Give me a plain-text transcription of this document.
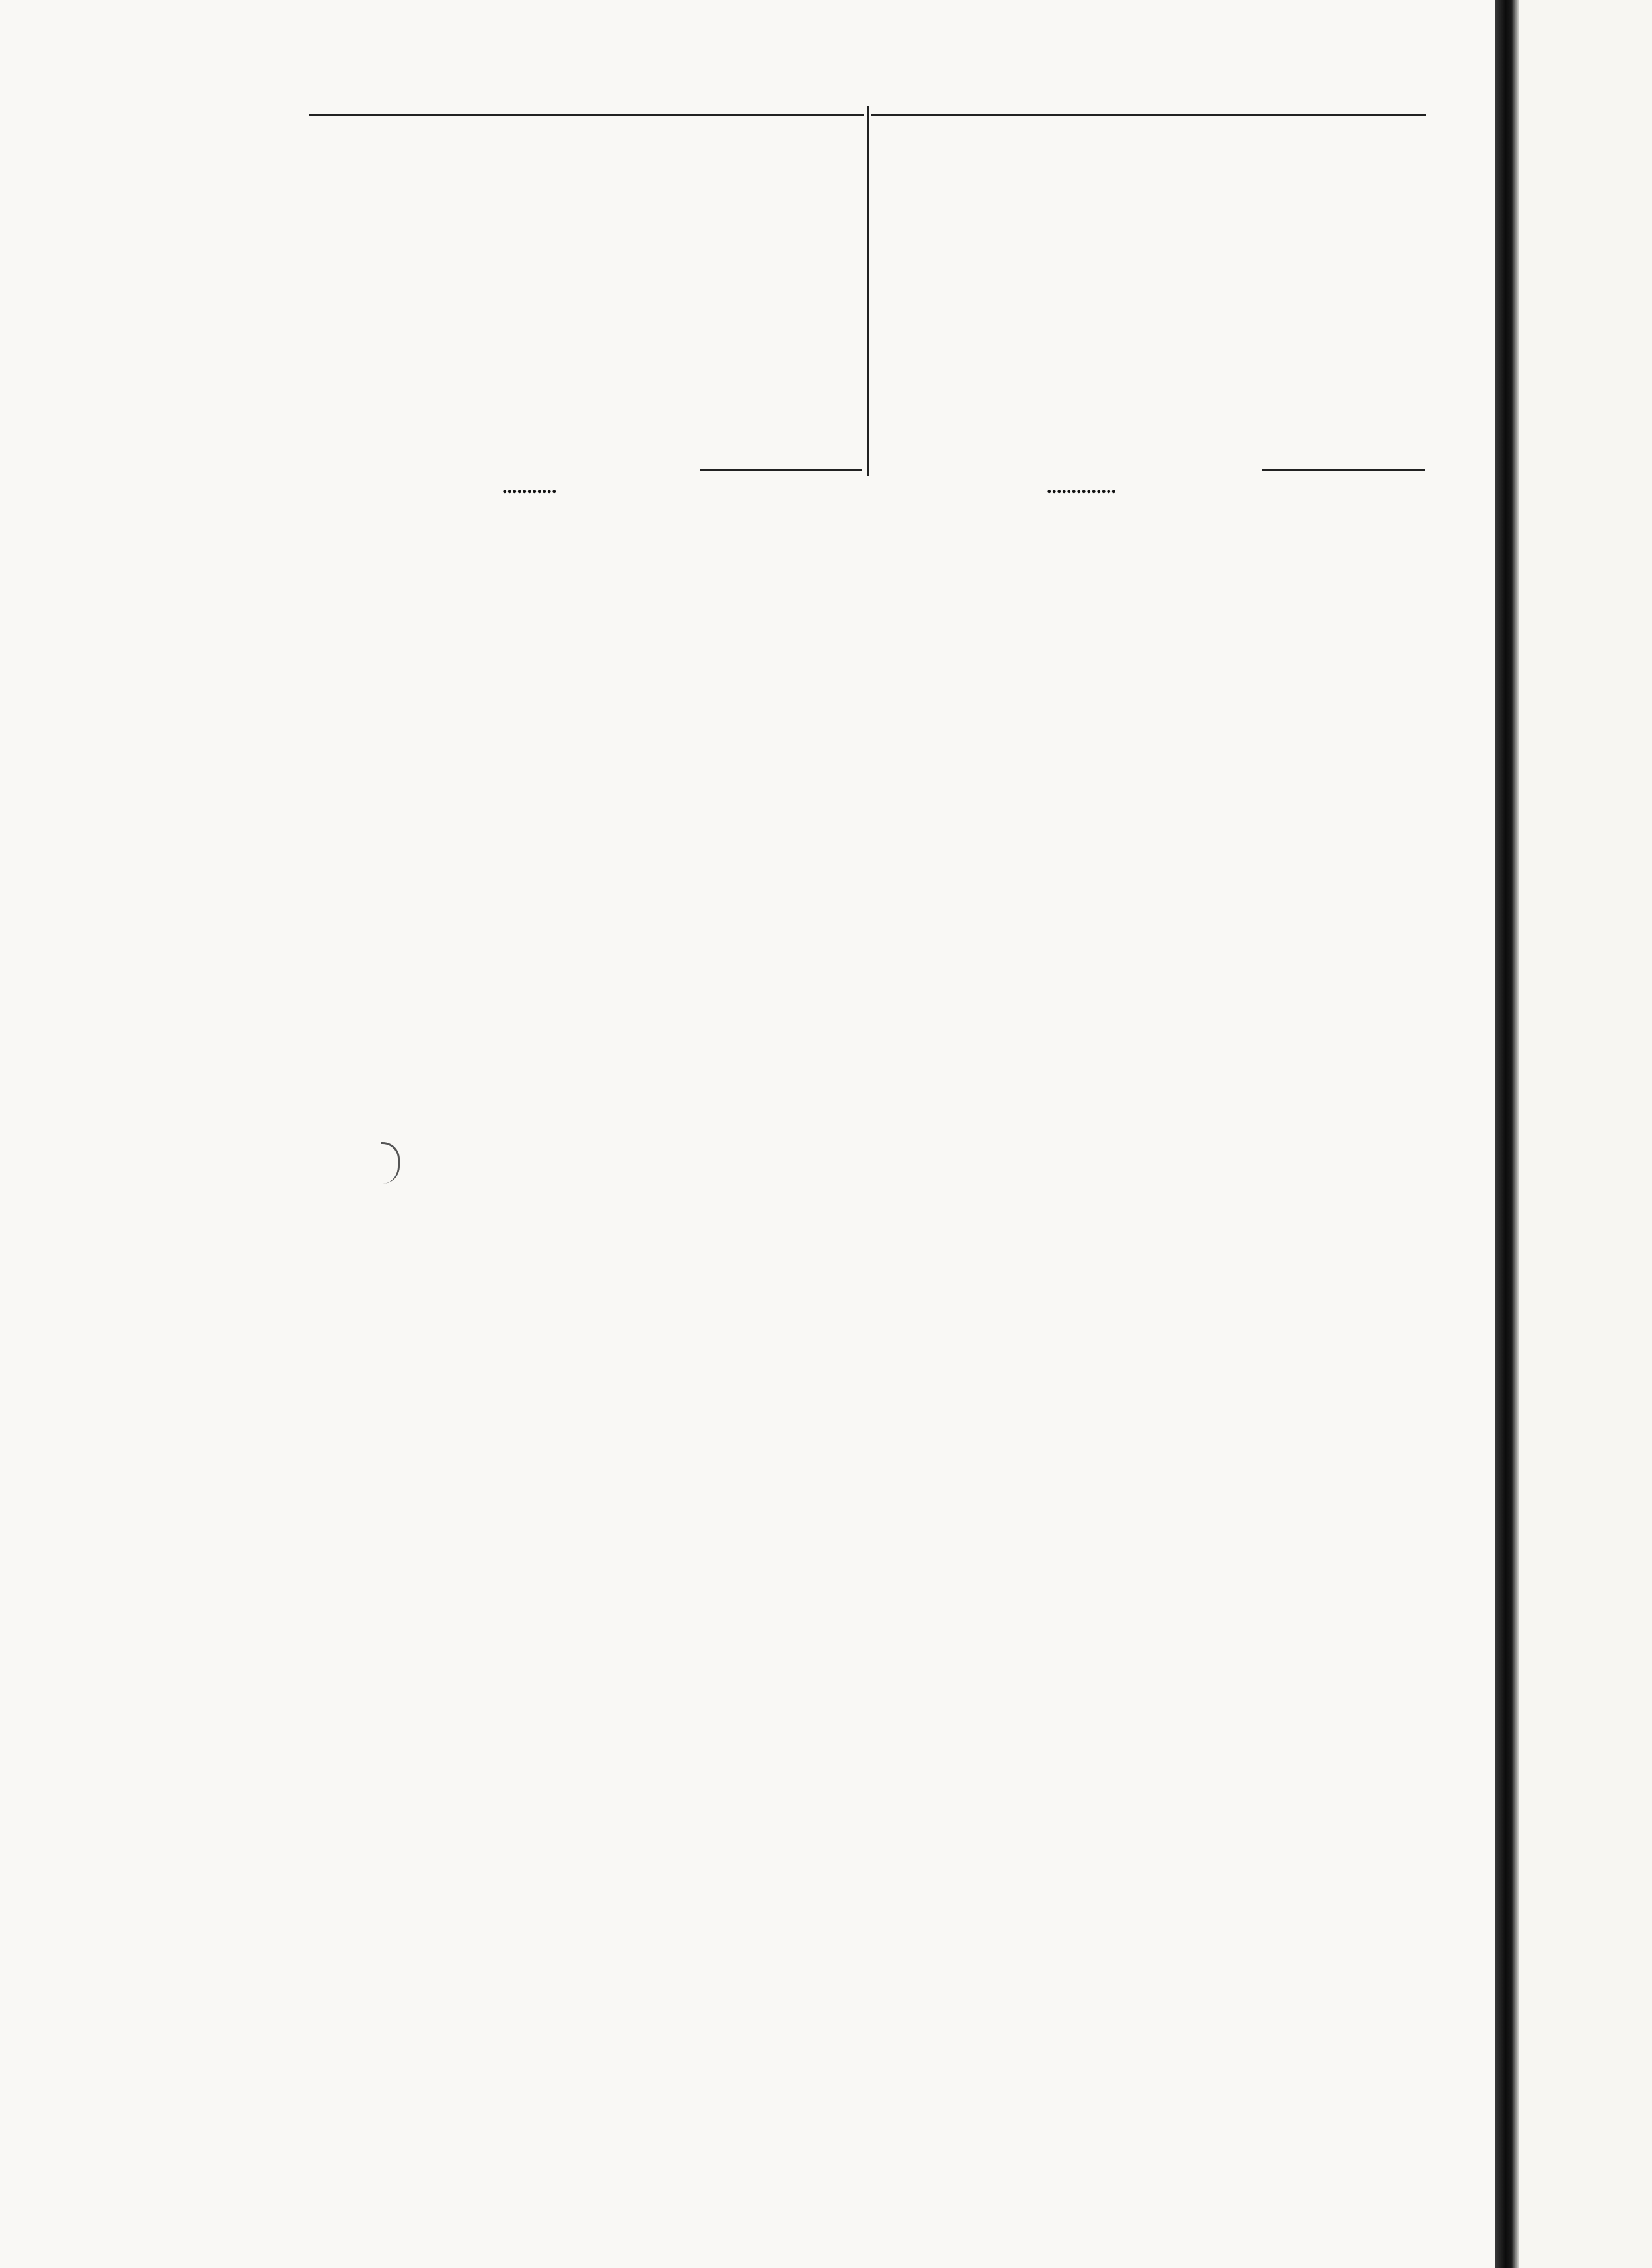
...........	..............
